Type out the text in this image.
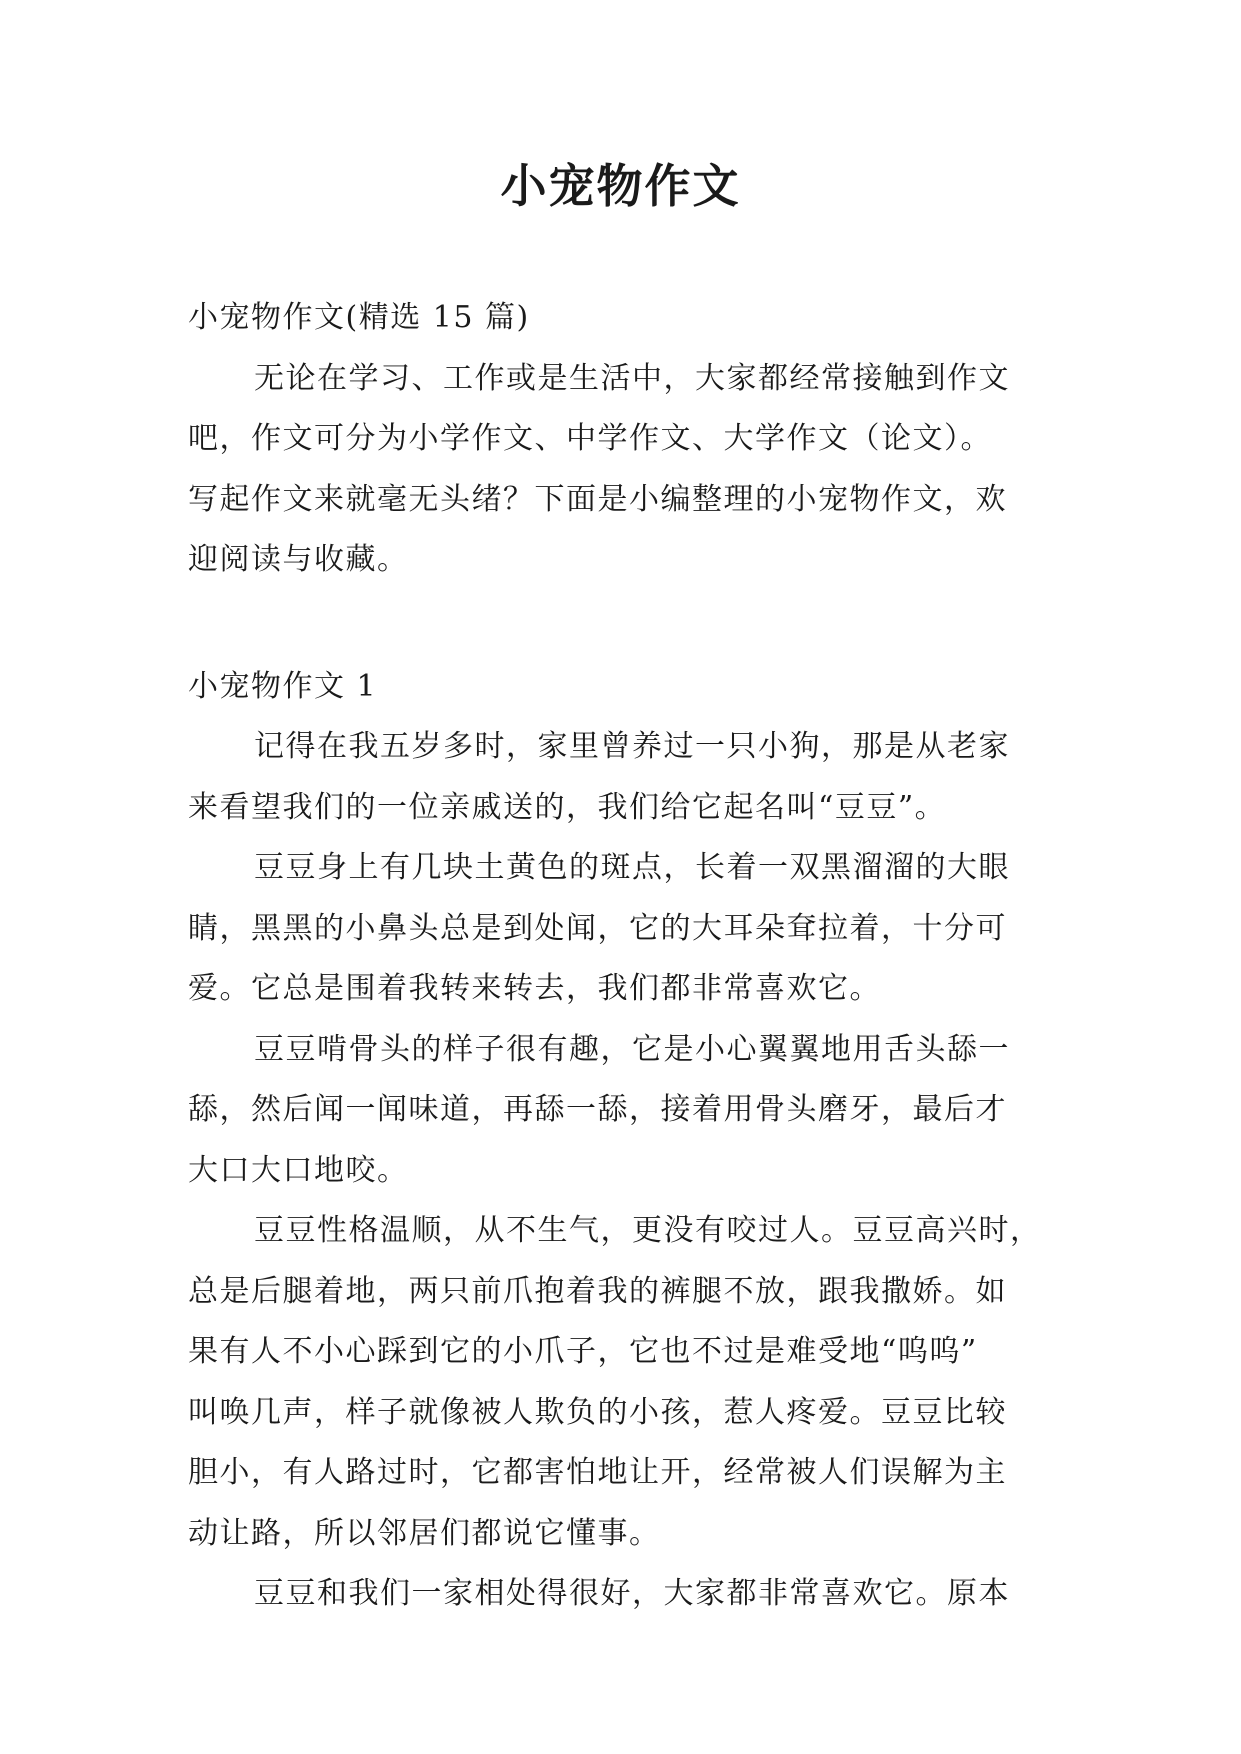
小宠物作文

小宠物作文(精选 15 篇)

无论在学习、工作或是生活中，大家都经常接触到作文

吧，作文可分为小学作文、中学作文、大学作文（论文）。

写起作文来就毫无头绪？下面是小编整理的小宠物作文，欢

迎阅读与收藏。

小宠物作文 1

记得在我五岁多时，家里曾养过一只小狗，那是从老家

来看望我们的一位亲戚送的，我们给它起名叫“豆豆”。

豆豆身上有几块土黄色的斑点，长着一双黑溜溜的大眼

睛，黑黑的小鼻头总是到处闻，它的大耳朵耷拉着，十分可

爱。它总是围着我转来转去，我们都非常喜欢它。

豆豆啃骨头的样子很有趣，它是小心翼翼地用舌头舔一

舔，然后闻一闻味道，再舔一舔，接着用骨头磨牙，最后才

大口大口地咬。

豆豆性格温顺，从不生气，更没有咬过人。豆豆高兴时，

总是后腿着地，两只前爪抱着我的裤腿不放，跟我撒娇。如

果有人不小心踩到它的小爪子，它也不过是难受地“呜呜”

叫唤几声，样子就像被人欺负的小孩，惹人疼爱。豆豆比较

胆小，有人路过时，它都害怕地让开，经常被人们误解为主

动让路，所以邻居们都说它懂事。

豆豆和我们一家相处得很好，大家都非常喜欢它。原本
